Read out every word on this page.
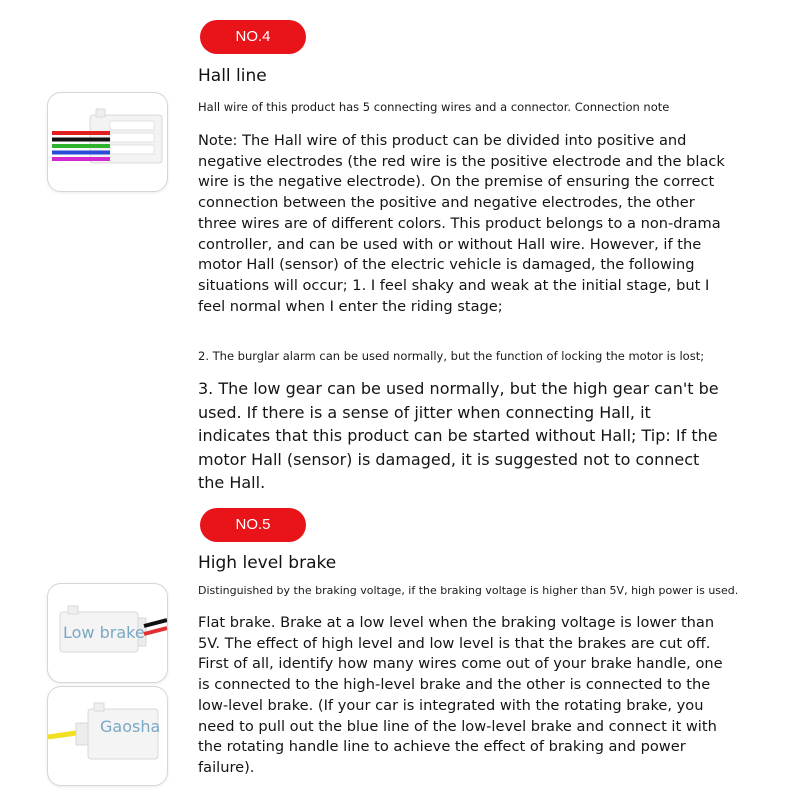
NO.4
Hall line
Hall wire of this product has 5 connecting wires and a connector. Connection note

Note: The Hall wire of this product can be divided into positive and negative electrodes (the red wire is the positive electrode and the black wire is the negative electrode). On the premise of ensuring the correct connection between the positive and negative electrodes, the other three wires are of different colors. This product belongs to a non-drama controller, and can be used with or without Hall wire. However, if the motor Hall (sensor) of the electric vehicle is damaged, the following situations will occur; 1. I feel shaky and weak at the initial stage, but I feel normal when I enter the riding stage;

2. The burglar alarm can be used normally, but the function of locking the motor is lost;

3. The low gear can be used normally, but the high gear can't be used. If there is a sense of jitter when connecting Hall, it indicates that this product can be started without Hall; Tip: If the motor Hall (sensor) is damaged, it is suggested not to connect the Hall.

NO.5
High level brake
Distinguished by the braking voltage, if the braking voltage is higher than 5V, high power is used.

Flat brake. Brake at a low level when the braking voltage is lower than 5V. The effect of high level and low level is that the brakes are cut off. First of all, identify how many wires come out of your brake handle, one is connected to the high-level brake and the other is connected to the low-level brake. (If your car is integrated with the rotating brake, you need to pull out the blue line of the low-level brake and connect it with the rotating handle line to achieve the effect of braking and power failure).

Low brake
Gaosha
